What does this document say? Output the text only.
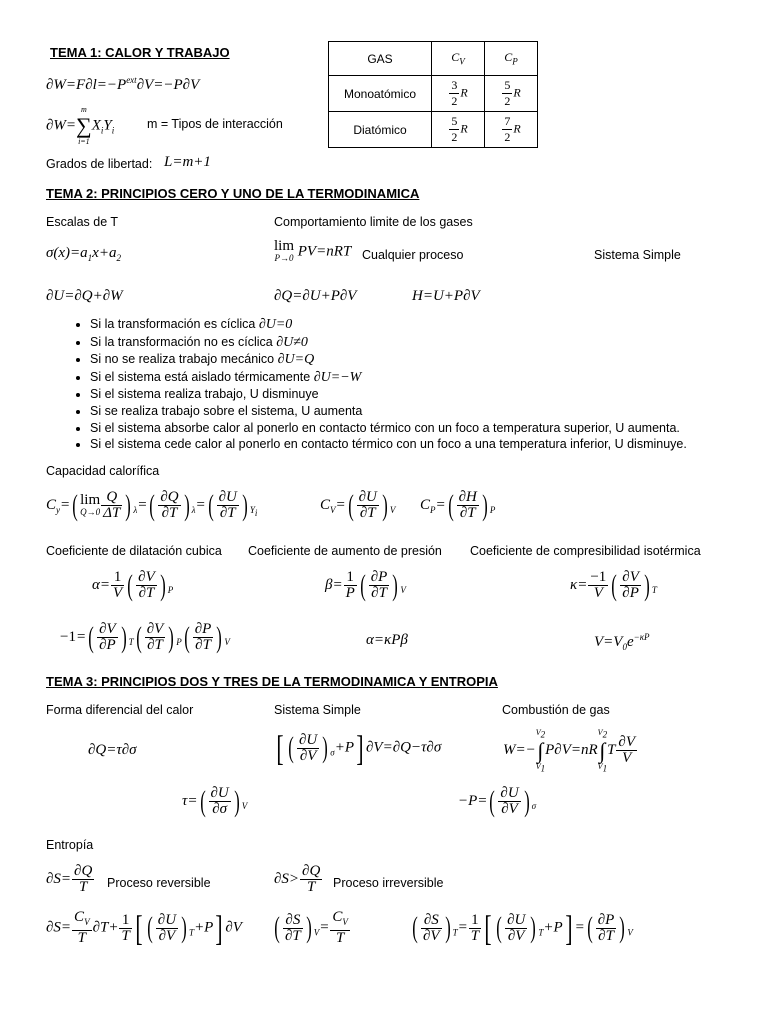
TEMA 1: CALOR Y TRABAJO
$\partial W=F\partial l=-P^{ext}\partial V=-P\partial V$
∂W=
m
∑
i=1
$X_iY_i$	m = Tipos de interacción
Grados de libertad: L=m+1
GAS	$C_V$	$C_P$
Monoatómico	$\frac{3}{2}$ R	$\frac{5}{2}$ R
Diatómico	$\frac{5}{2}$ R	$\frac{7}{2}$ R
TEMA 2: PRINCIPIOS CERO Y UNO DE LA TERMODINAMICA
Escalas de T	Comportamiento limite de los gases
$\sigma(x)=a_1x+a_2$
lim
P→0 PV=nRT Cualquier proceso	Sistema Simple
∂U=∂Q+∂W	∂Q=∂U+P∂V	H=U+P∂V
• Si la transformación es cíclica ∂U=0
• Si la transformación no es cíclica ∂U≠0
• Si no se realiza trabajo mecánico ∂U=Q
• Si el sistema está aislado térmicamente ∂U=−W
• Si el sistema realiza trabajo, U disminuye
• Si se realiza trabajo sobre el sistema, U aumenta
• Si el sistema absorbe calor al ponerlo en contacto térmico con un foco a temperatura superior, U aumenta.
• Si el sistema cede calor al ponerlo en contacto térmico con un foco a una temperatura inferior, U disminuye.
Capacidad calorífica
$C_y=$( lim
$Q\to 0 \frac{Q}{\Delta T}$ ) $_\lambda=( \frac{\partial Q}{\partial T}$ ) $_\lambda=( \frac{\partial U}{\partial T}$ ) $_{Y_i}$	$C_V=( \frac{\partial U}{\partial T}$ ) $_V$ $C_P=( \frac{\partial H}{\partial T}$ ) $_P$
Coeficiente de dilatación cubica Coeficiente de aumento de presión Coeficiente de compresibilidad isotérmica
$\alpha= \frac{1}{V}$ ( $\frac{\partial V}{\partial T}$ ) $_P$	$\beta= \frac{1}{P}$ ( $\frac{\partial P}{\partial T}$ ) $_V$	$\kappa= \frac{-1}{V}$ ( $\frac{\partial V}{\partial P}$ ) $_T$
$-1=( \frac{\partial V}{\partial P}$ ) $_T( \frac{\partial V}{\partial T}$ ) $_P( \frac{\partial P}{\partial T}$ ) $_V$	α=κPβ	$V=V_0e^{-\kappa P}$
TEMA 3: PRINCIPIOS DOS Y TRES DE LA TERMODINAMICA Y ENTROPIA
Forma diferencial del calor	Sistema Simple	Combustión de gas
∂Q=τ∂σ	[ ( $\frac{\partial U}{\partial V}$ ) $_\sigma$+P] ∂V=∂Q−τ∂σ	W=−
$V_2$
∫
$V_1$
P∂V=nR
$V_2$
∫
$V_1$
T $\frac{\partial V}{V}$
$\tau=( \frac{\partial U}{\partial\sigma}$ ) $_V$	$-P=( \frac{\partial U}{\partial V}$ ) $_\sigma$
Entropía
$\partial S= \frac{\partial Q}{T}$ Proceso reversible	$\partial S> \frac{\partial Q}{T}$ Proceso irreversible
$\partial S= \frac{C_V}{T} \partial T+ \frac{1}{T}$ [ ( $\frac{\partial U}{\partial V}$ ) $_T$+P] ∂V ( $\frac{\partial S}{\partial T}$ ) $_V= \frac{C_V}{T}$ ( $\frac{\partial S}{\partial V}$ ) $_T= \frac{1}{T}$ [ ( $\frac{\partial U}{\partial V}$ ) $_T$+P] =( $\frac{\partial P}{\partial T}$ ) $_V$
